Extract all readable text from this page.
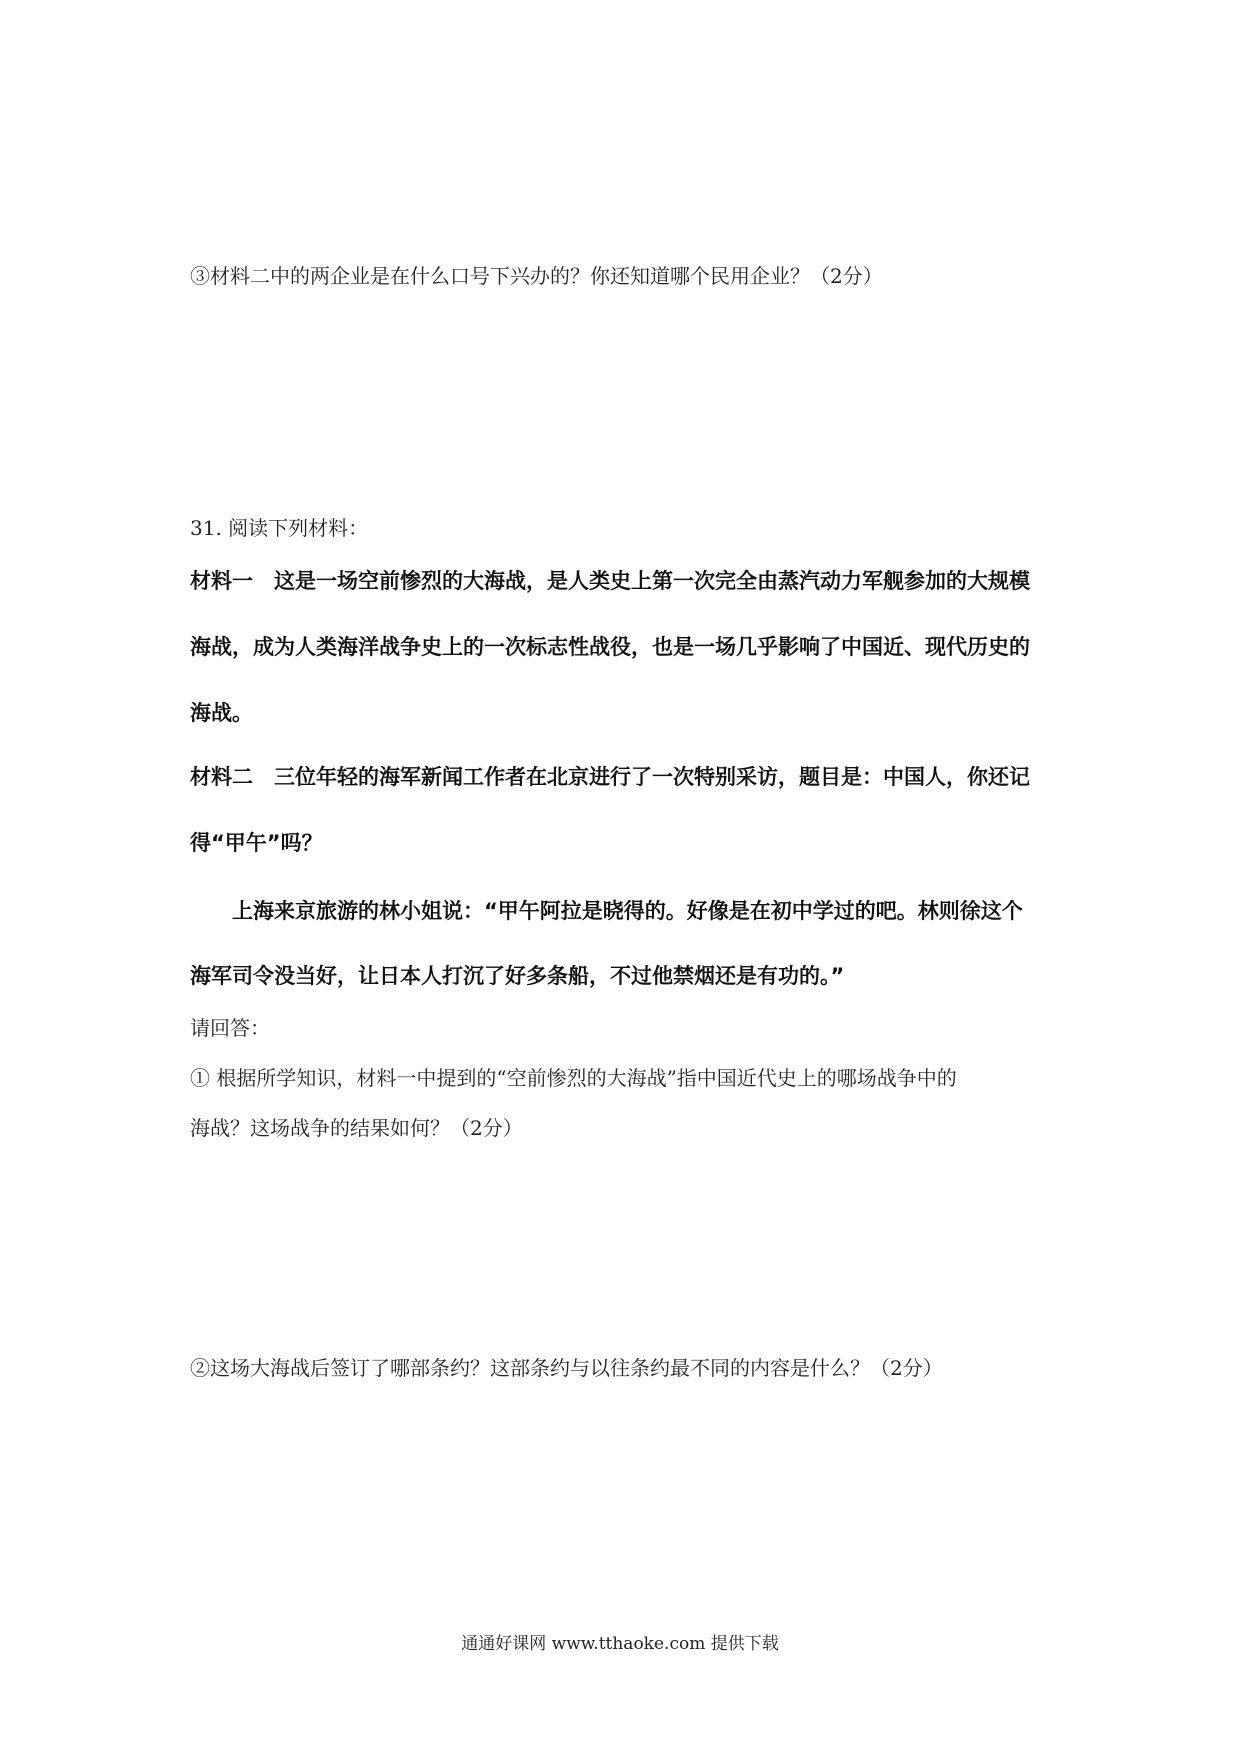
③材料二中的两企业是在什么口号下兴办的？你还知道哪个民用企业？（2分）
31. 阅读下列材料：
材料一　这是一场空前惨烈的大海战，是人类史上第一次完全由蒸汽动力军舰参加的大规模
海战，成为人类海洋战争史上的一次标志性战役，也是一场几乎影响了中国近、现代历史的
海战。
材料二　三位年轻的海军新闻工作者在北京进行了一次特别采访，题目是：中国人，你还记
得“甲午”吗？
上海来京旅游的林小姐说：“甲午阿拉是晓得的。好像是在初中学过的吧。林则徐这个
海军司令没当好，让日本人打沉了好多条船，不过他禁烟还是有功的。”
请回答：
① 根据所学知识，材料一中提到的“空前惨烈的大海战”指中国近代史上的哪场战争中的
海战？这场战争的结果如何？（2分）
②这场大海战后签订了哪部条约？这部条约与以往条约最不同的内容是什么？（2分）
通通好课网 www.tthaoke.com 提供下载
